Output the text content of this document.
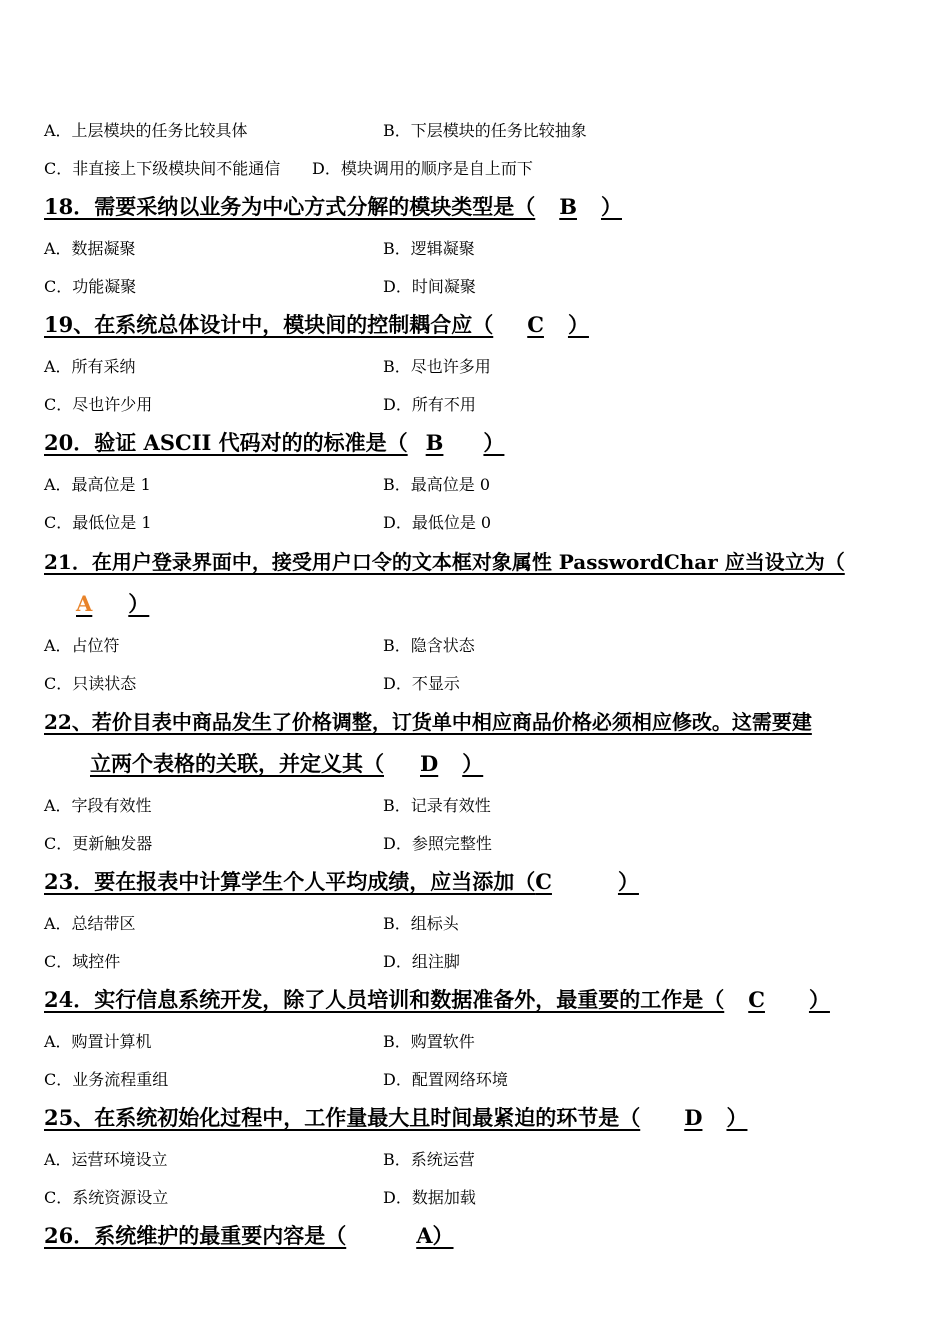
A．上层模块的任务比较具体	B．下层模块的任务比较抽象
C．非直接上下级模块间不能通信 D．模块调用的顺序是自上而下
18．需要采纳以业务为中心方式分解的模块类型是（ B ）
A．数据凝聚	B．逻辑凝聚
C．功能凝聚	D．时间凝聚
19、在系统总体设计中，模块间的控制耦合应（ C ）
A．所有采纳	B．尽也许多用
C．尽也许少用	D．所有不用
20．验证 ASCII 代码对的的标准是（ B ）
A．最高位是 1	B．最高位是 0
C．最低位是 1	D．最低位是 0
21．在用户登录界面中，接受用户口令的文本框对象属性 PasswordChar 应当设立为（
A ）
A．占位符	B．隐含状态
C．只读状态	D．不显示
22、若价目表中商品发生了价格调整，订货单中相应商品价格必须相应修改。这需要建
立两个表格的关联，并定义其（ D ）
A．字段有效性	B．记录有效性
C．更新触发器	D．参照完整性
23．要在报表中计算学生个人平均成绩，应当添加（C	）
A．总结带区	B．组标头
C．域控件	D．组注脚
24．实行信息系统开发，除了人员培训和数据准备外，最重要的工作是（ C ）
A．购置计算机	B．购置软件
C．业务流程重组	D．配置网络环境
25、在系统初始化过程中，工作量最大且时间最紧迫的环节是（ D ）
A．运营环境设立	B．系统运营
C．系统资源设立	D．数据加载
26．系统维护的最重要内容是（	A）
